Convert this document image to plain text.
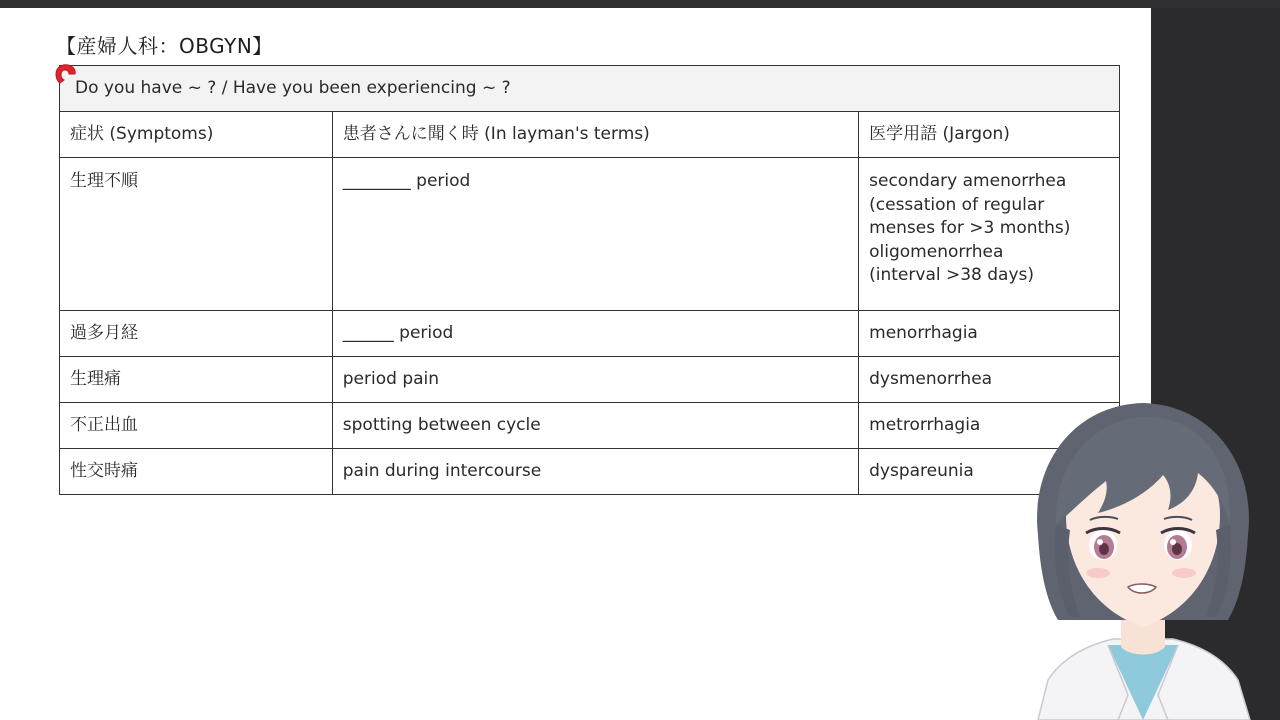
【産婦人科：OBGYN】
Do you have ~ ? / Have you been experiencing ~ ?		
症状 (Symptoms)	患者さんに聞く時 (In layman's terms)	医学用語 (Jargon)
生理不順	________ period	secondary amenorrhea
(cessation of regular
menses for >3 months)
oligomenorrhea
(interval >38 days)

過多月経	______ period	menorrhagia
生理痛	period pain	dysmenorrhea
不正出血	spotting between cycle	metrorrhagia
性交時痛	pain during intercourse	dyspareunia
